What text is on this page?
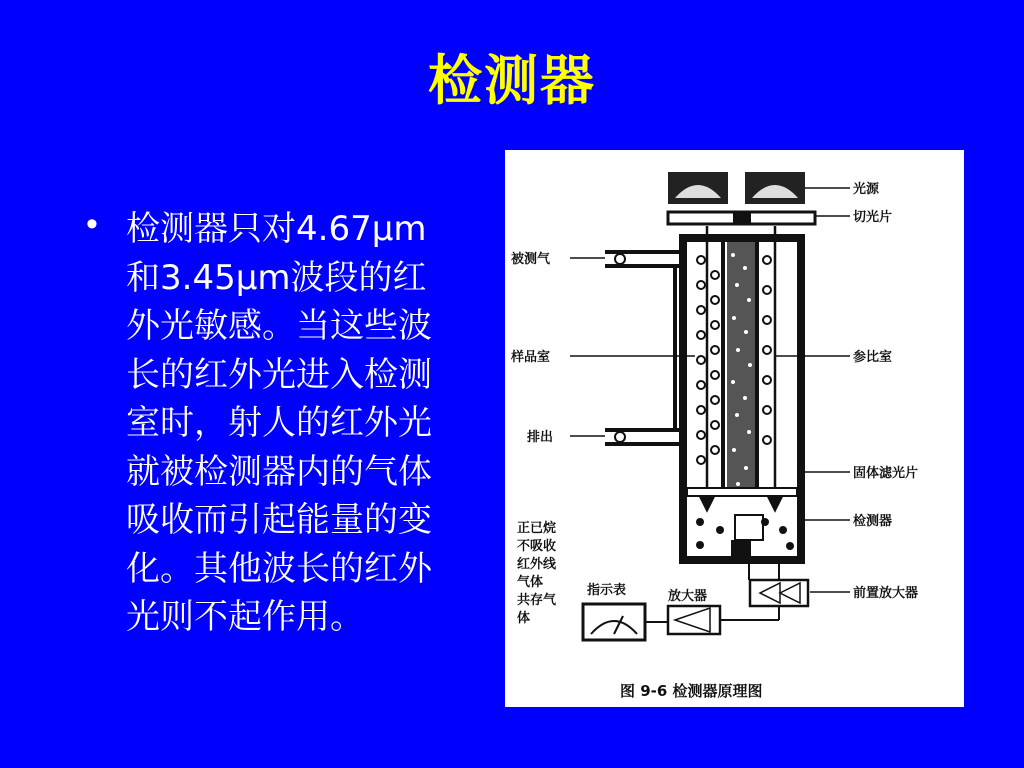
检测器
• 检测器只对4.67μm和3.45μm波段的红外光敏感。当这些波长的红外光进入检测室时，射人的红外光就被检测器内的气体吸收而引起能量的变化。其他波长的红外光则不起作用。
光源
切光片
被测气
样品室	参比室
排出
固体滤光片
检测器
正已烷
不吸收
红外线
气体
共存气
体
指示表	放大器	前置放大器
图 9-6 检测器原理图
